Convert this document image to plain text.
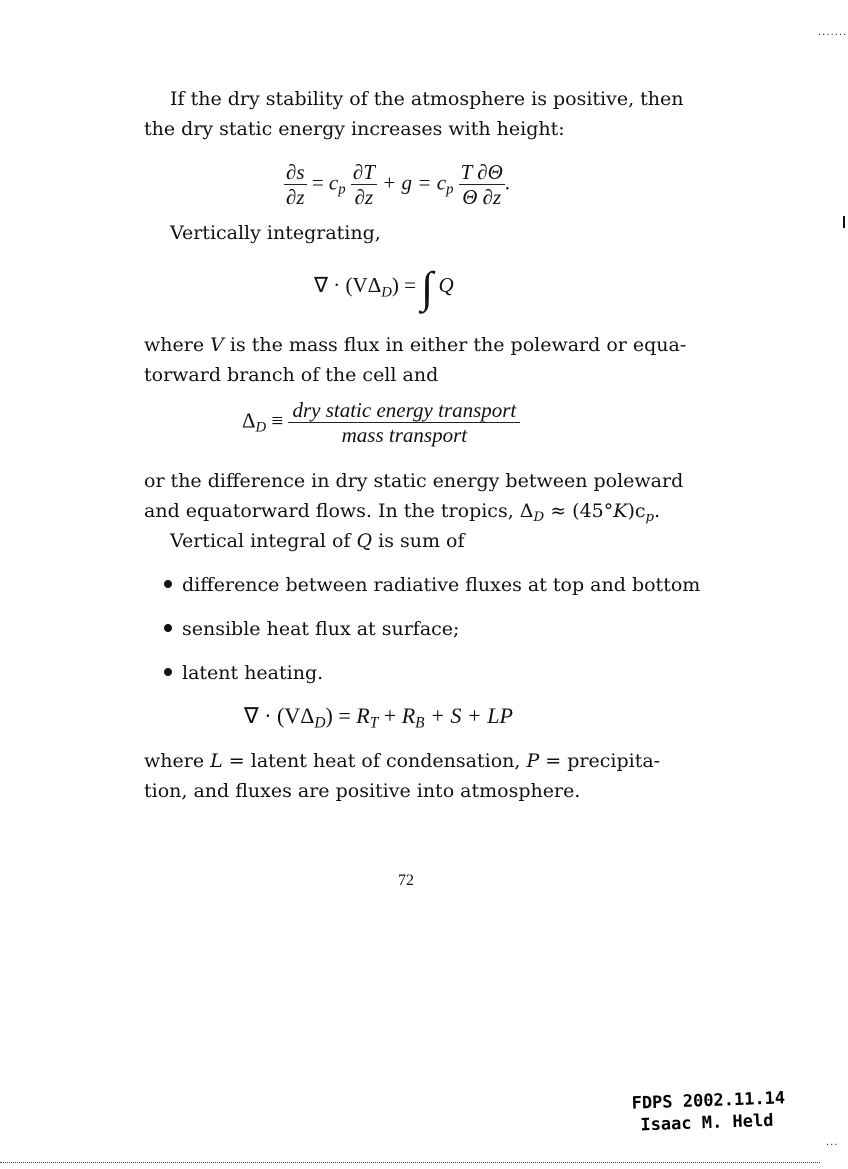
·······
If the dry stability of the atmosphere is positive, then
the dry static energy increases with height:
$\frac{\partial s}{\partial z} = c_p \frac{\partial T}{\partial z} + g = c_p \frac{T \partial\Theta}{\Theta \partial z}$ .
Vertically integrating,
∇ · $(V\Delta_D)$ = ∫ Q
where V is the mass flux in either the poleward or equa-
torward branch of the cell and
$\Delta_D \equiv \frac{\text{dry static energy transport}}{\text{mass transport}}$
or the difference in dry static energy between poleward
and equatorward flows. In the tropics, $\Delta_D \approx (45^\circ K)c_p$.
Vertical integral of Q is sum of
difference between radiative fluxes at top and bottom
sensible heat flux at surface;
latent heating.
∇ · $(V\Delta_D) = R_T + R_B + S$ + LP
where L = latent heat of condensation, P = precipita-
tion, and fluxes are positive into atmosphere.
72
FDPS 2002.11.14
Isaac M. Held
···
